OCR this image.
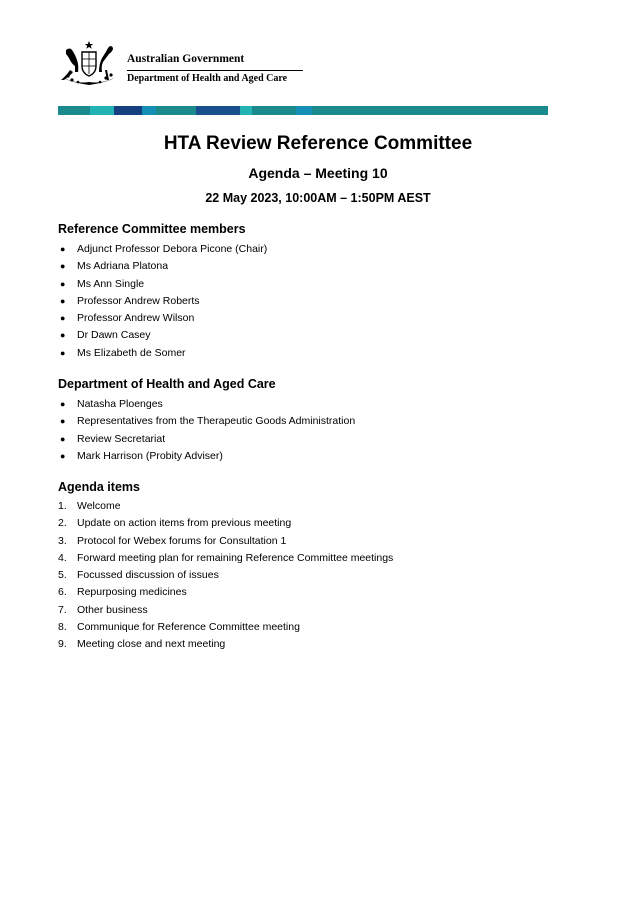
Australian Government
Department of Health and Aged Care
HTA Review Reference Committee
Agenda – Meeting 10
22 May 2023, 10:00AM – 1:50PM AEST
Reference Committee members
● Adjunct Professor Debora Picone (Chair)
● Ms Adriana Platona
● Ms Ann Single
● Professor Andrew Roberts
● Professor Andrew Wilson
● Dr Dawn Casey
● Ms Elizabeth de Somer
Department of Health and Aged Care
● Natasha Ploenges
● Representatives from the Therapeutic Goods Administration
● Review Secretariat
● Mark Harrison (Probity Adviser)
Agenda items
1. Welcome
2. Update on action items from previous meeting
3. Protocol for Webex forums for Consultation 1
4. Forward meeting plan for remaining Reference Committee meetings
5. Focussed discussion of issues
6. Repurposing medicines
7. Other business
8. Communique for Reference Committee meeting
9. Meeting close and next meeting
